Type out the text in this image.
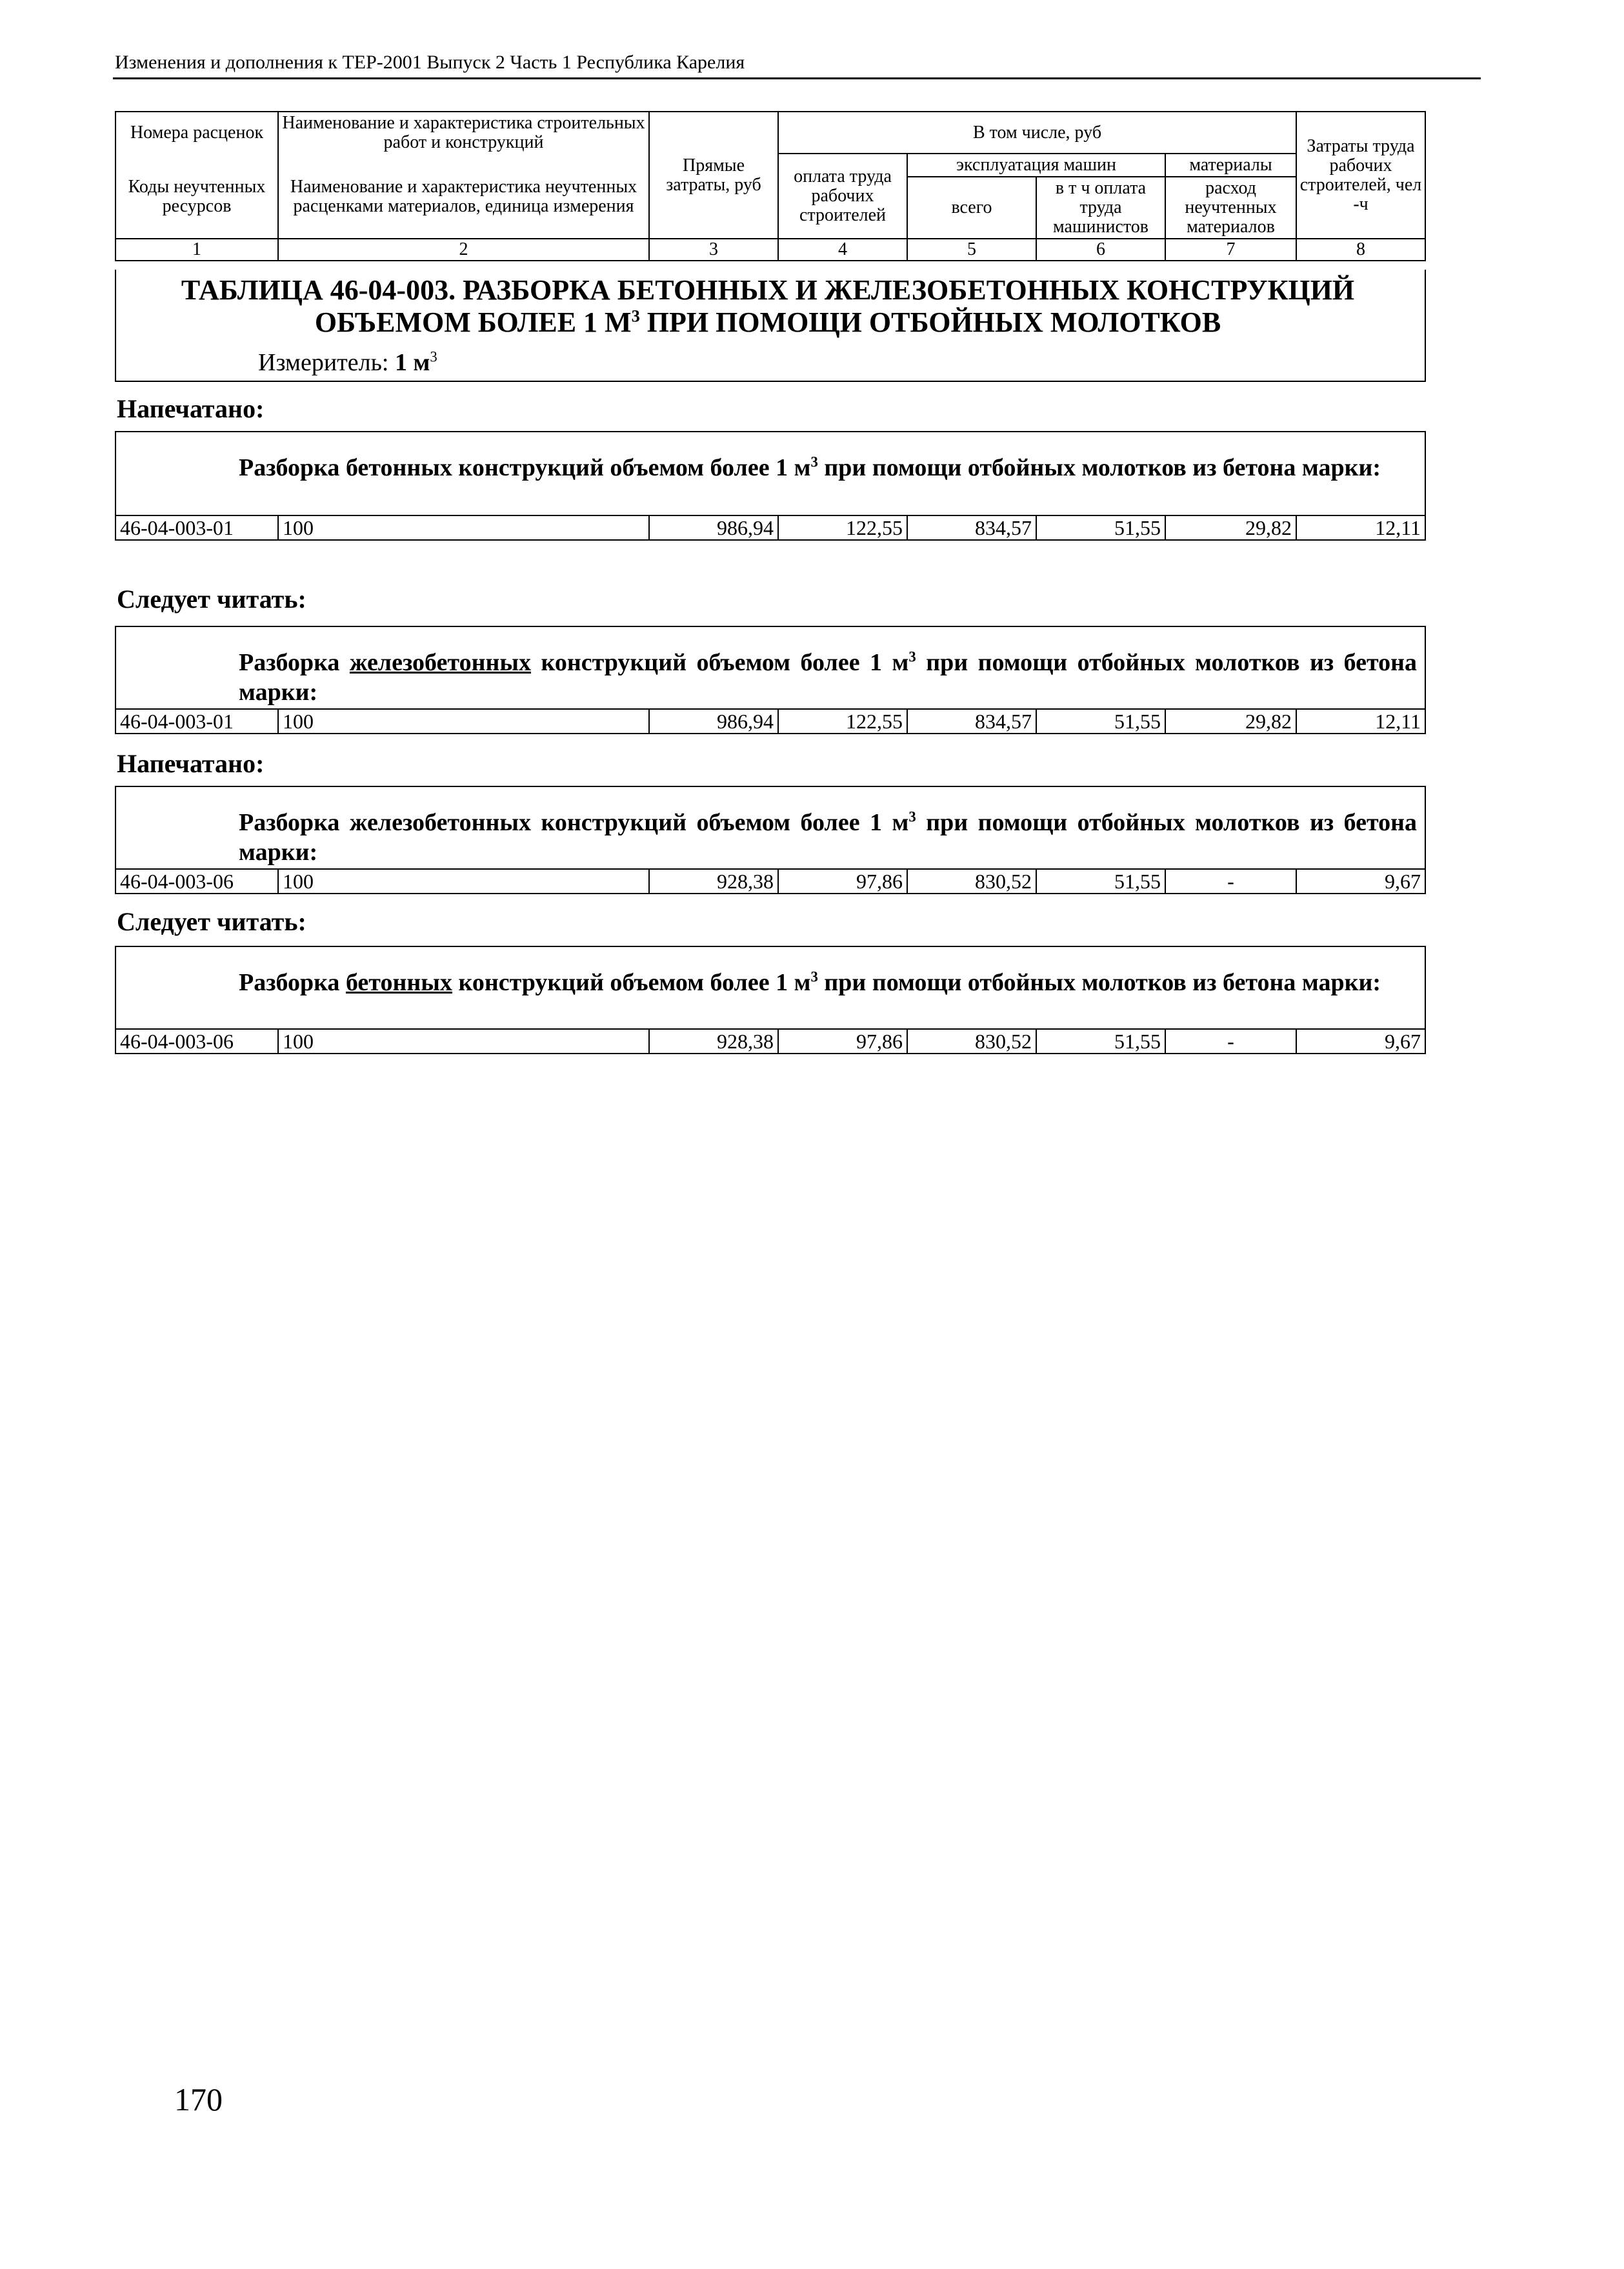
Изменения и дополнения к ТЕР-2001 Выпуск 2 Часть 1 Республика Карелия
Номера расценок	Наименование и характеристика строительных работ и конструкций	Прямые затраты, руб	В том числе, руб				Затраты труда рабочих строителей, чел -ч
Коды неучтенных ресурсов	Наименование и характеристика неучтенных расценками материалов, единица измерения		оплата труда рабочих строителей	эксплуатация машин		материалы	
				всего	в т ч оплата труда машинистов	расход неучтенных материалов	

1	2	3	4	5	6	7	8
ТАБЛИЦА 46-04-003. РАЗБОРКА БЕТОННЫХ И ЖЕЛЕЗОБЕТОННЫХ КОНСТРУКЦИЙ
ОБЪЕМОМ БОЛЕЕ 1 $М^3$ ПРИ ПОМОЩИ ОТБОЙНЫХ МОЛОТКОВ
Измеритель: 1 $м^3$
Напечатано:
Разборка бетонных конструкций объемом более 1 $м^3$ при помощи отбойных молотков из бетона марки:
46-04-003-01	100	986,94	122,55	834,57	51,55	29,82	12,11
Следует читать:
Разборка железобетонных конструкций объемом более 1 $м^3$ при помощи отбойных молотков из бетона марки:
46-04-003-01	100	986,94	122,55	834,57	51,55	29,82	12,11
Напечатано:
Разборка железобетонных конструкций объемом более 1 $м^3$ при помощи отбойных молотков из бетона марки:
46-04-003-06	100	928,38	97,86	830,52	51,55	-	9,67
Следует читать:
Разборка бетонных конструкций объемом более 1 $м^3$ при помощи отбойных молотков из бетона марки:
46-04-003-06	100	928,38	97,86	830,52	51,55	-	9,67
170
